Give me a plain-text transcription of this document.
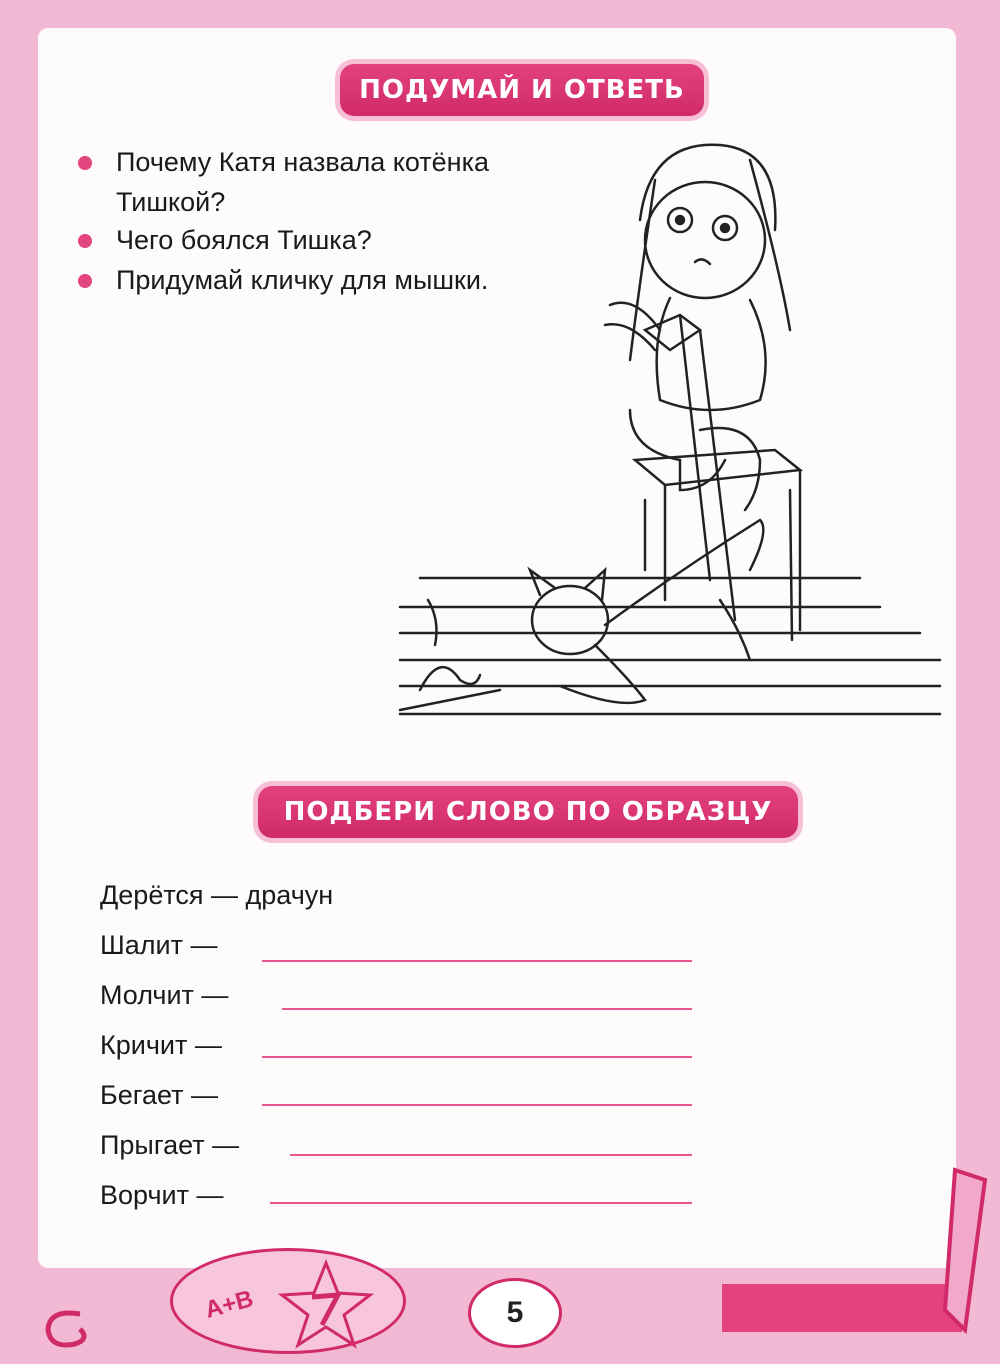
ПОДУМАЙ И ОТВЕТЬ
Почему Катя назвала котёнка Тишкой?
Чего боялся Тишка?
Придумай кличку для мышки.
ПОДБЕРИ СЛОВО ПО ОБРАЗЦУ
Дерётся — драчун
Шалит —
Молчит —
Кричит —
Бегает —
Прыгает —
Ворчит —
A+B	5
